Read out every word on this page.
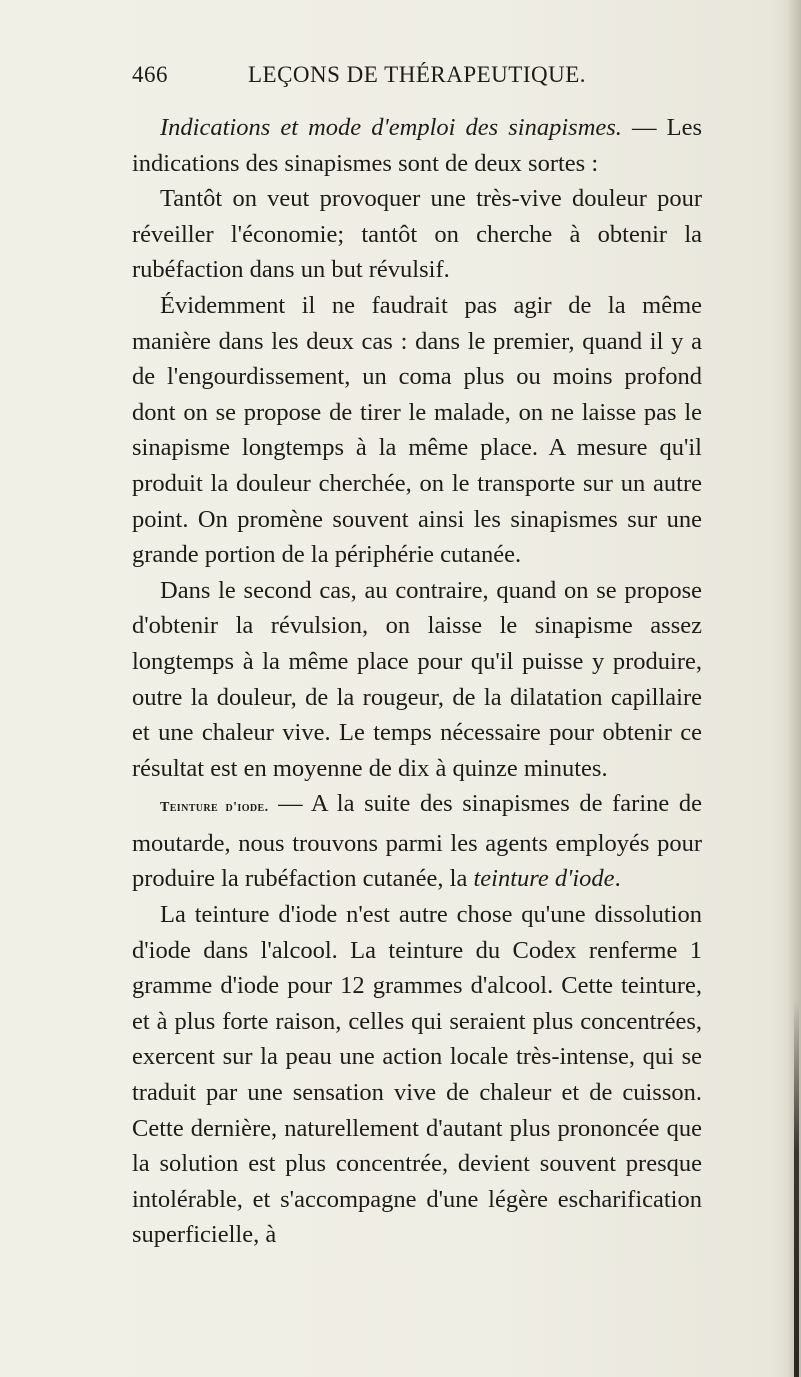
466	LEÇONS DE THÉRAPEUTIQUE.

Indications et mode d'emploi des sinapismes. — Les indications des sinapismes sont de deux sortes :

Tantôt on veut provoquer une très-vive douleur pour réveiller l'économie; tantôt on cherche à obtenir la rubéfaction dans un but révulsif.

Évidemment il ne faudrait pas agir de la même manière dans les deux cas : dans le premier, quand il y a de l'engourdissement, un coma plus ou moins profond dont on se propose de tirer le malade, on ne laisse pas le sinapisme longtemps à la même place. A mesure qu'il produit la douleur cherchée, on le transporte sur un autre point. On promène souvent ainsi les sinapismes sur une grande portion de la périphérie cutanée.

Dans le second cas, au contraire, quand on se propose d'obtenir la révulsion, on laisse le sinapisme assez longtemps à la même place pour qu'il puisse y produire, outre la douleur, de la rougeur, de la dilatation capillaire et une chaleur vive. Le temps nécessaire pour obtenir ce résultat est en moyenne de dix à quinze minutes.

Teinture d'iode. — A la suite des sinapismes de farine de moutarde, nous trouvons parmi les agents employés pour produire la rubéfaction cutanée, la teinture d'iode.

La teinture d'iode n'est autre chose qu'une dissolution d'iode dans l'alcool. La teinture du Codex renferme 1 gramme d'iode pour 12 grammes d'alcool. Cette teinture, et à plus forte raison, celles qui seraient plus concentrées, exercent sur la peau une action locale très-intense, qui se traduit par une sensation vive de chaleur et de cuisson. Cette dernière, naturellement d'autant plus prononcée que la solution est plus concentrée, devient souvent presque intolérable, et s'accompagne d'une légère escharification superficielle, à
